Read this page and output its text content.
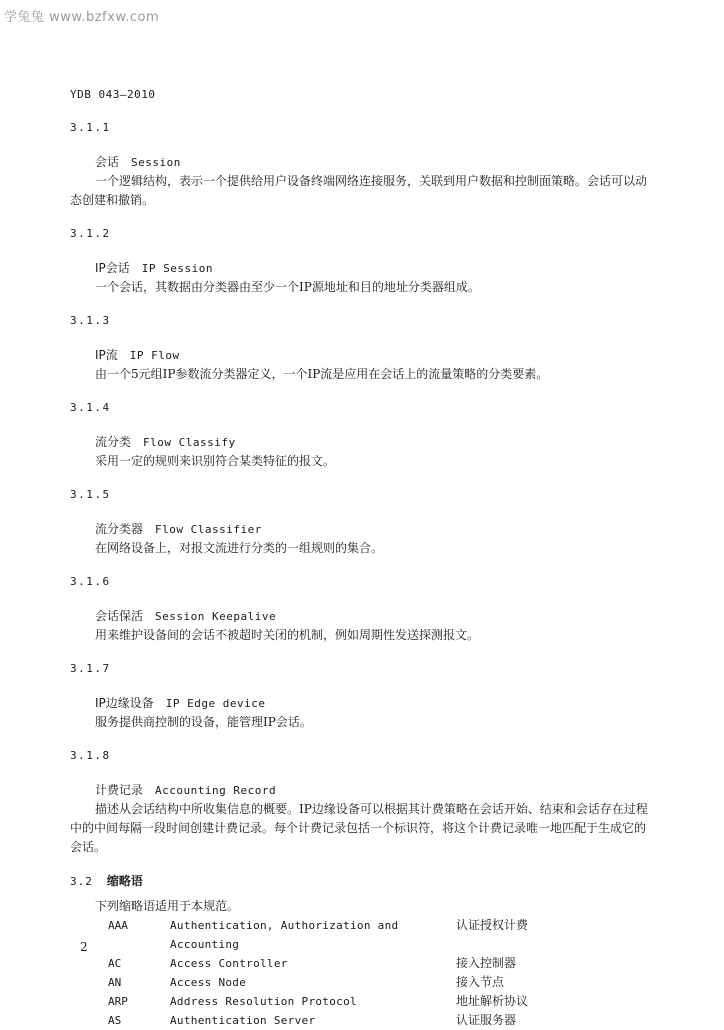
学兔兔 www.bzfxw.com
YDB 043—2010
3.1.1
会话 Session
一个逻辑结构，表示一个提供给用户设备终端网络连接服务，关联到用户数据和控制面策略。会话可以动态创建和撤销。
3.1.2
IP会话 IP Session
一个会话，其数据由分类器由至少一个IP源地址和目的地址分类器组成。
3.1.3
IP流 IP Flow
由一个5元组IP参数流分类器定义，一个IP流是应用在会话上的流量策略的分类要素。
3.1.4
流分类 Flow Classify
采用一定的规则来识别符合某类特征的报文。
3.1.5
流分类器 Flow Classifier
在网络设备上，对报文流进行分类的一组规则的集合。
3.1.6
会话保活 Session Keepalive
用来维护设备间的会话不被超时关闭的机制，例如周期性发送探测报文。
3.1.7
IP边缘设备 IP Edge device
服务提供商控制的设备，能管理IP会话。
3.1.8
计费记录 Accounting Record
描述从会话结构中所收集信息的概要。IP边缘设备可以根据其计费策略在会话开始、结束和会话存在过程中的中间每隔一段时间创建计费记录。每个计费记录包括一个标识符，将这个计费记录唯一地匹配于生成它的会话。
3.2 缩略语
下列缩略语适用于本规范。
AAA	Authentication, Authorization and Accounting	认证授权计费
AC	Access Controller	接入控制器
AN	Access Node	接入节点
ARP	Address Resolution Protocol	地址解析协议
AS	Authentication Server	认证服务器
2
